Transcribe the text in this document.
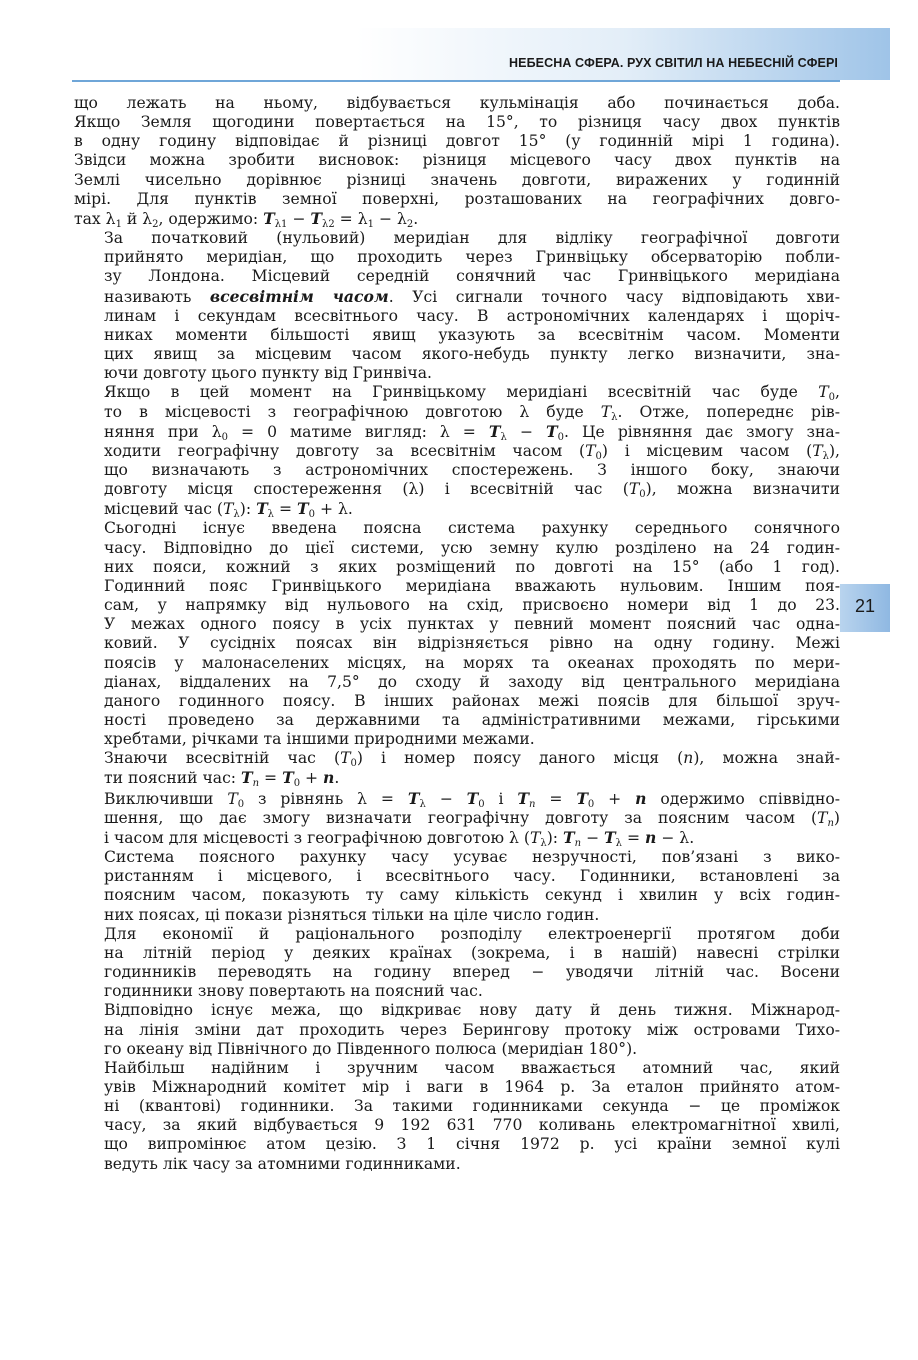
НЕБЕСНА СФЕРА. РУХ СВІТИЛ НА НЕБЕСНІЙ СФЕРІ
21

що лежать на ньому, відбувається кульмінація або починається доба.
Якщо Земля щогодини повертається на 15°, то різниця часу двох пунктів
в одну годину відповідає й різниці довгот 15° (у годинній мірі 1 година).
Звідси можна зробити висновок: різниця місцевого часу двох пунктів на
Землі чисельно дорівнює різниці значень довготи, виражених у годинній
мірі. Для пунктів земної поверхні, розташованих на географічних довго-
тах $\lambda_1$ й $\lambda_2$, одержимо: $T_{\lambda 1} - T_{\lambda 2} = \lambda_1 - \lambda_2$.

За початковий (нульовий) меридіан для відліку географічної довготи
прийнято меридіан, що проходить через Гринвіцьку обсерваторію побли-
зу Лондона. Місцевий середній сонячний час Гринвіцького меридіана
називають всесвітнім часом. Усі сигнали точного часу відповідають хви-
линам і секундам всесвітнього часу. В астрономічних календарях і щоріч-
никах моменти більшості явищ указують за всесвітнім часом. Моменти
цих явищ за місцевим часом якого-небудь пункту легко визначити, зна-
ючи довготу цього пункту від Гринвіча.

Якщо в цей момент на Гринвіцькому меридіані всесвітній час буде $T_0$,
то в місцевості з географічною довготою λ буде $T_\lambda$. Отже, попереднє рів-
няння при $\lambda_0 = 0$ матиме вигляд: $\lambda = T_\lambda - T_0$. Це рівняння дає змогу зна-
ходити географічну довготу за всесвітнім часом $(T_0)$ і місцевим часом $(T_\lambda)$,
що визначають з астрономічних спостережень. З іншого боку, знаючи
довготу місця спостереження (λ) і всесвітній час $(T_0)$, можна визначити
місцевий час $(T_\lambda)$: $T_\lambda = T_0 + \lambda$.

Сьогодні існує введена поясна система рахунку середнього сонячного
часу. Відповідно до цієї системи, усю земну кулю розділено на 24 годин-
них пояси, кожний з яких розміщений по довготі на 15° (або 1 год).
Годинний пояс Гринвіцького меридіана вважають нульовим. Іншим поя-
сам, у напрямку від нульового на схід, присвоєно номери від 1 до 23.
У межах одного поясу в усіх пунктах у певний момент поясний час одна-
ковий. У сусідніх поясах він відрізняється рівно на одну годину. Межі
поясів у малонаселених місцях, на морях та океанах проходять по мери-
діанах, віддалених на 7,5° до сходу й заходу від центрального меридіана
даного годинного поясу. В інших районах межі поясів для більшої зруч-
ності проведено за державними та адміністративними межами, гірськими
хребтами, річками та іншими природними межами.

Знаючи всесвітній час $(T_0)$ і номер поясу даного місця (n), можна знай-
ти поясний час: $T_n = T_0 + n$.

Виключивши $T_0$ з рівнянь $\lambda = T_\lambda - T_0$ і $T_n = T_0 + n$ одержимо співвідно-
шення, що дає змогу визначати географічну довготу за поясним часом $(T_n)$
і часом для місцевості з географічною довготою λ $(T_\lambda)$: $T_n - T_\lambda = n - \lambda$.

Система поясного рахунку часу усуває незручності, пов’язані з вико-
ристанням і місцевого, і всесвітнього часу. Годинники, встановлені за
поясним часом, показують ту саму кількість секунд і хвилин у всіх годин-
них поясах, ці покази різняться тільки на ціле число годин.

Для економії й раціонального розподілу електроенергії протягом доби
на літній період у деяких країнах (зокрема, і в нашій) навесні стрілки
годинників переводять на годину вперед − уводячи літній час. Восени
годинники знову повертають на поясний час.

Відповідно існує межа, що відкриває нову дату й день тижня. Міжнарод-
на лінія зміни дат проходить через Берингову протоку між островами Тихо-
го океану від Північного до Південного полюса (меридіан 180°).

Найбільш надійним і зручним часом вважається атомний час, який
увів Міжнародний комітет мір і ваги в 1964 р. За еталон прийнято атом-
ні (квантові) годинники. За такими годинниками секунда − це проміжок
часу, за який відбувається 9 192 631 770 коливань електромагнітної хвилі,
що випромінює атом цезію. З 1 січня 1972 р. усі країни земної кулі
ведуть лік часу за атомними годинниками.
